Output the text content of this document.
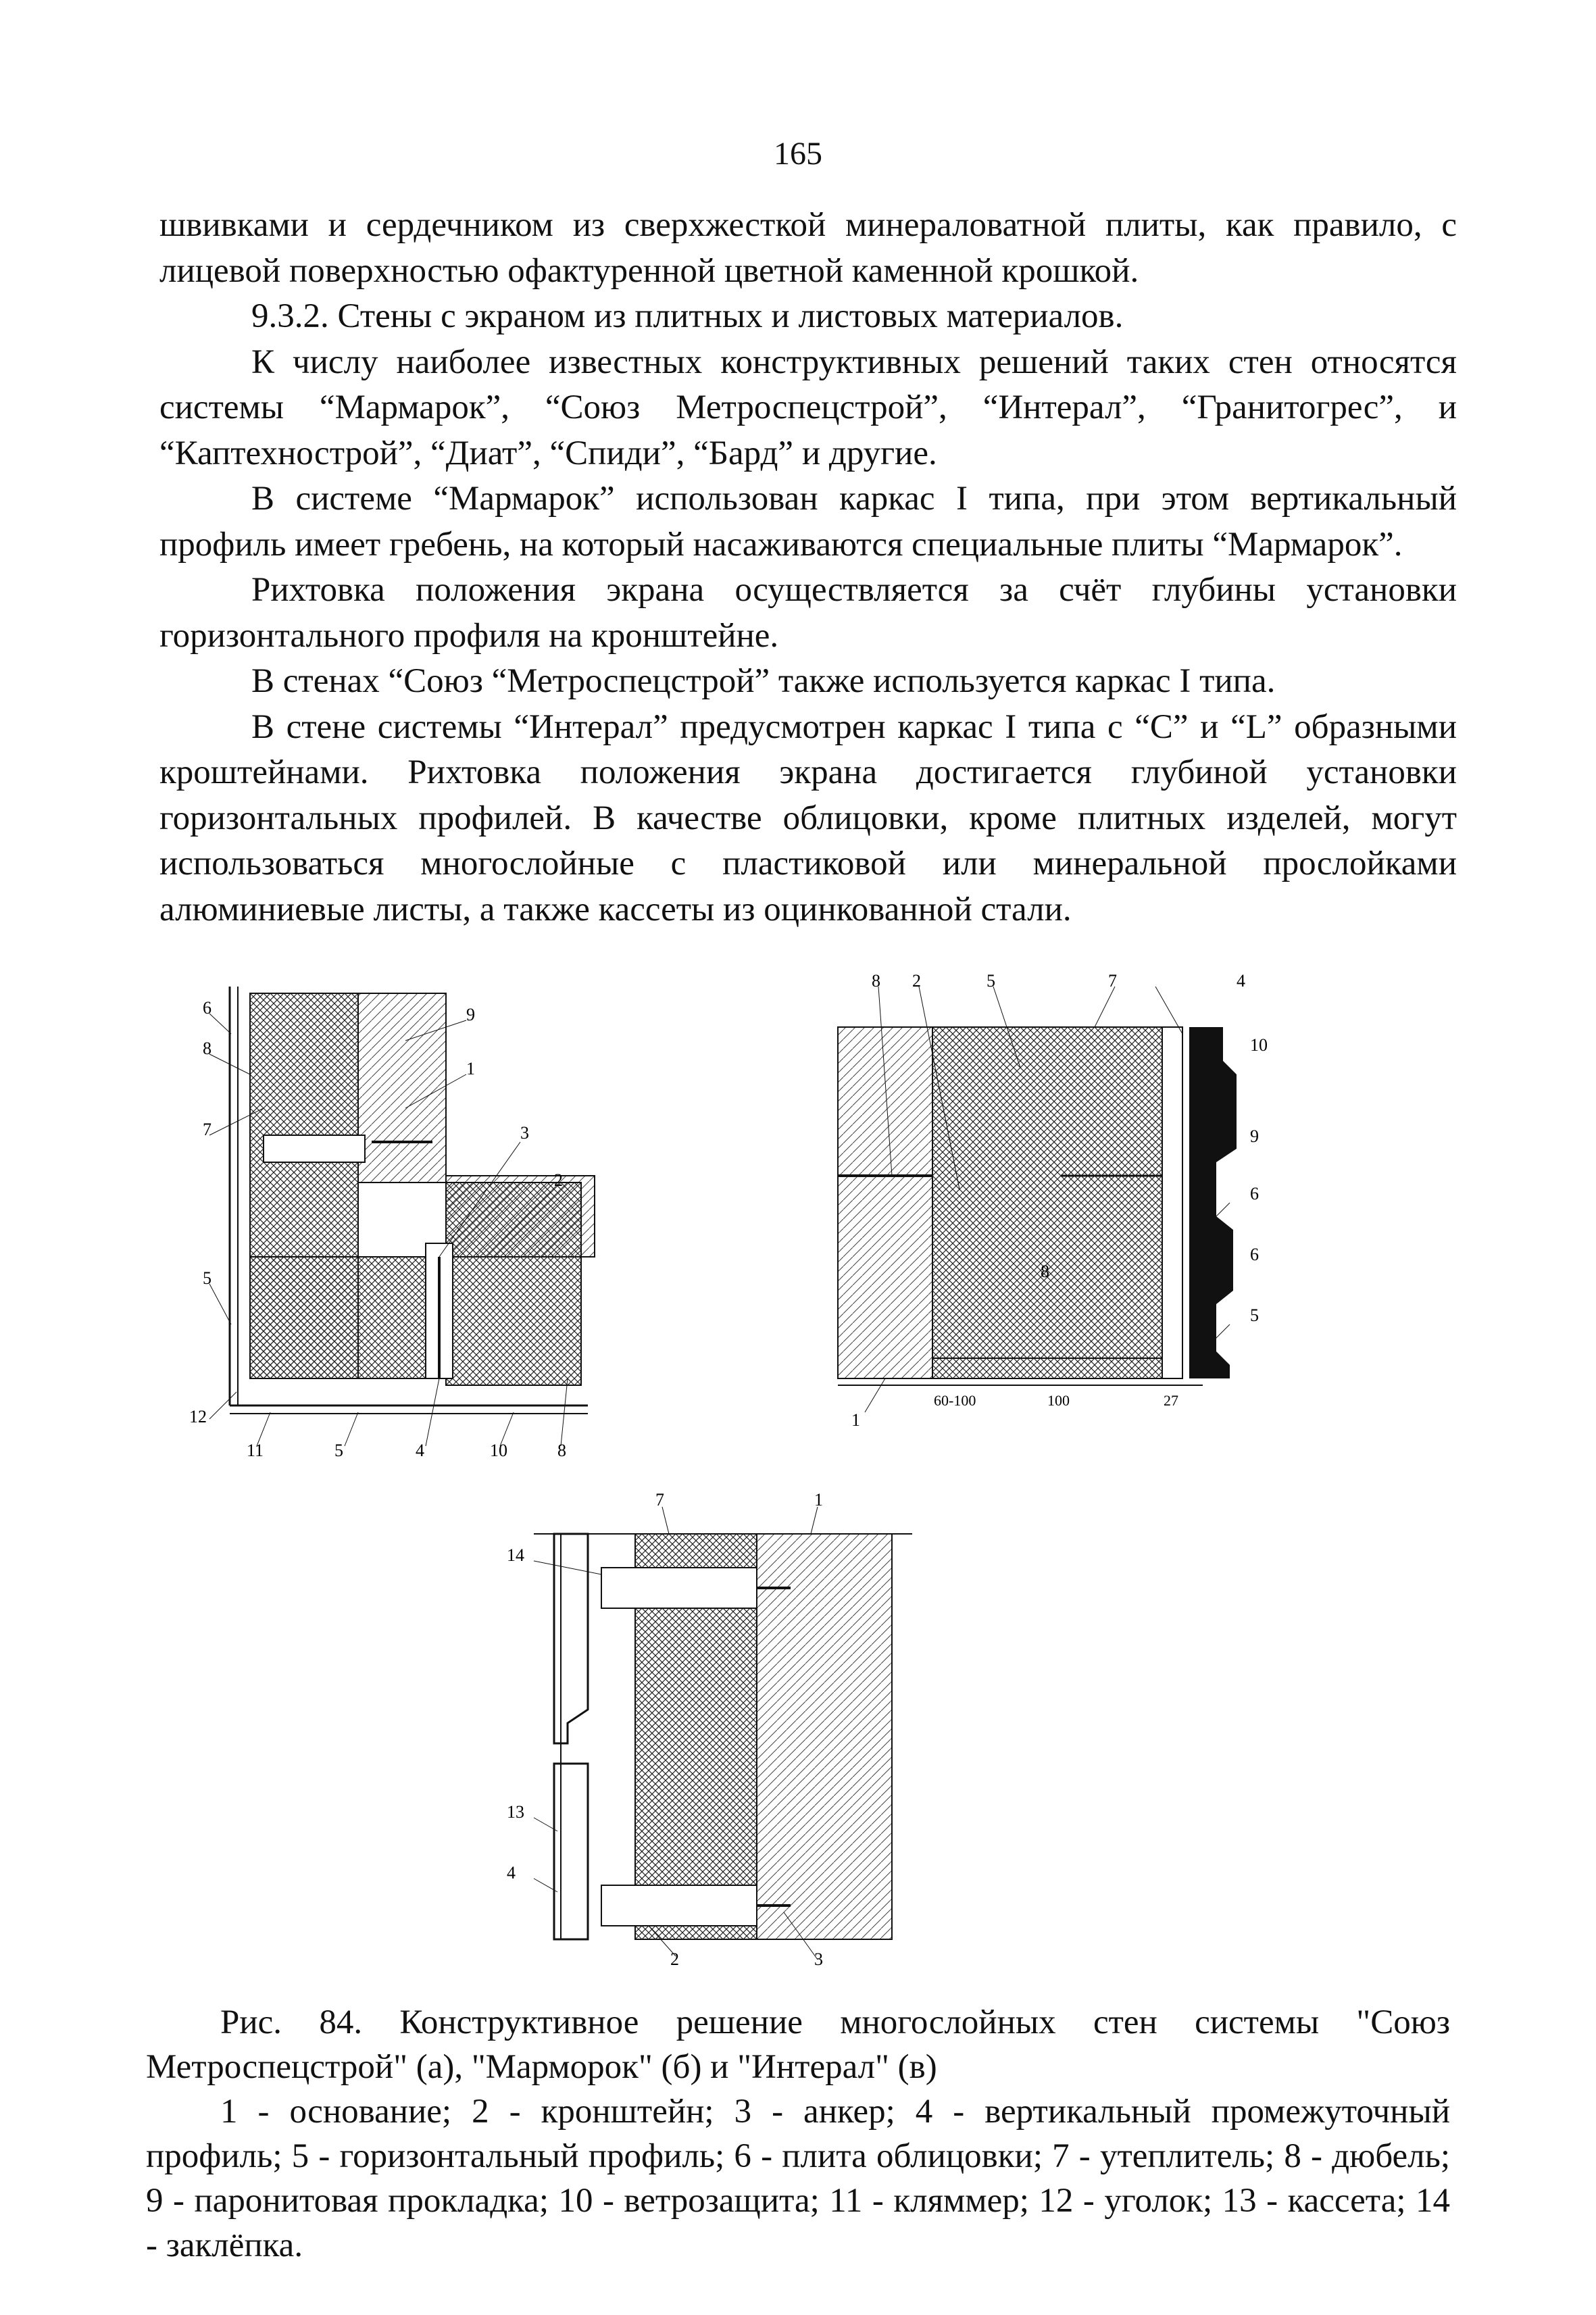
165

швивками и сердечником из сверхжесткой минераловатной плиты, как правило, с лицевой поверхностью офактуренной цветной каменной крошкой.

9.3.2. Стены с экраном из плитных и листовых материалов.

К числу наиболее известных конструктивных решений таких стен относятся системы “Мармарок”, “Союз Метроспецстрой”, “Интерал”, “Гранитогрес”, и “Каптехнострой”, “Диат”, “Спиди”, “Бард” и другие.

В системе “Мармарок” использован каркас I типа, при этом вертикальный профиль имеет гребень, на который насаживаются специальные плиты “Мармарок”.

Рихтовка положения экрана осуществляется за счёт глубины установки горизонтального профиля на кронштейне.

В стенах “Союз “Метроспецстрой” также используется каркас I типа.

В стене системы “Интерал” предусмотрен каркас I типа с “С” и “L” образными кроштейнами. Рихтовка положения экрана достигается глубиной установки горизонтальных профилей. В качестве облицовки, кроме плитных изделей, могут использоваться многослойные с пластиковой или минеральной прослойками алюминиевые листы, а также кассеты из оцинкованной стали.

6
8
7
5
12
11	5	4	10	8
9
1
3
2
8 2	5	7	4
10
9
6
6
5
1
8
60-100	100	27
7	1
14
13
4
2	3

Рис. 84. Конструктивное решение многослойных стен системы "Союз Метроспецстрой" (а), "Марморок" (б) и "Интерал" (в)

1 - основание; 2 - кронштейн; 3 - анкер; 4 - вертикальный промежуточный профиль; 5 - горизонтальный профиль; 6 - плита облицовки; 7 - утеплитель; 8 - дюбель; 9 - паронитовая прокладка; 10 - ветрозащита; 11 - кляммер; 12 - уголок; 13 - кассета; 14 - заклёпка.
